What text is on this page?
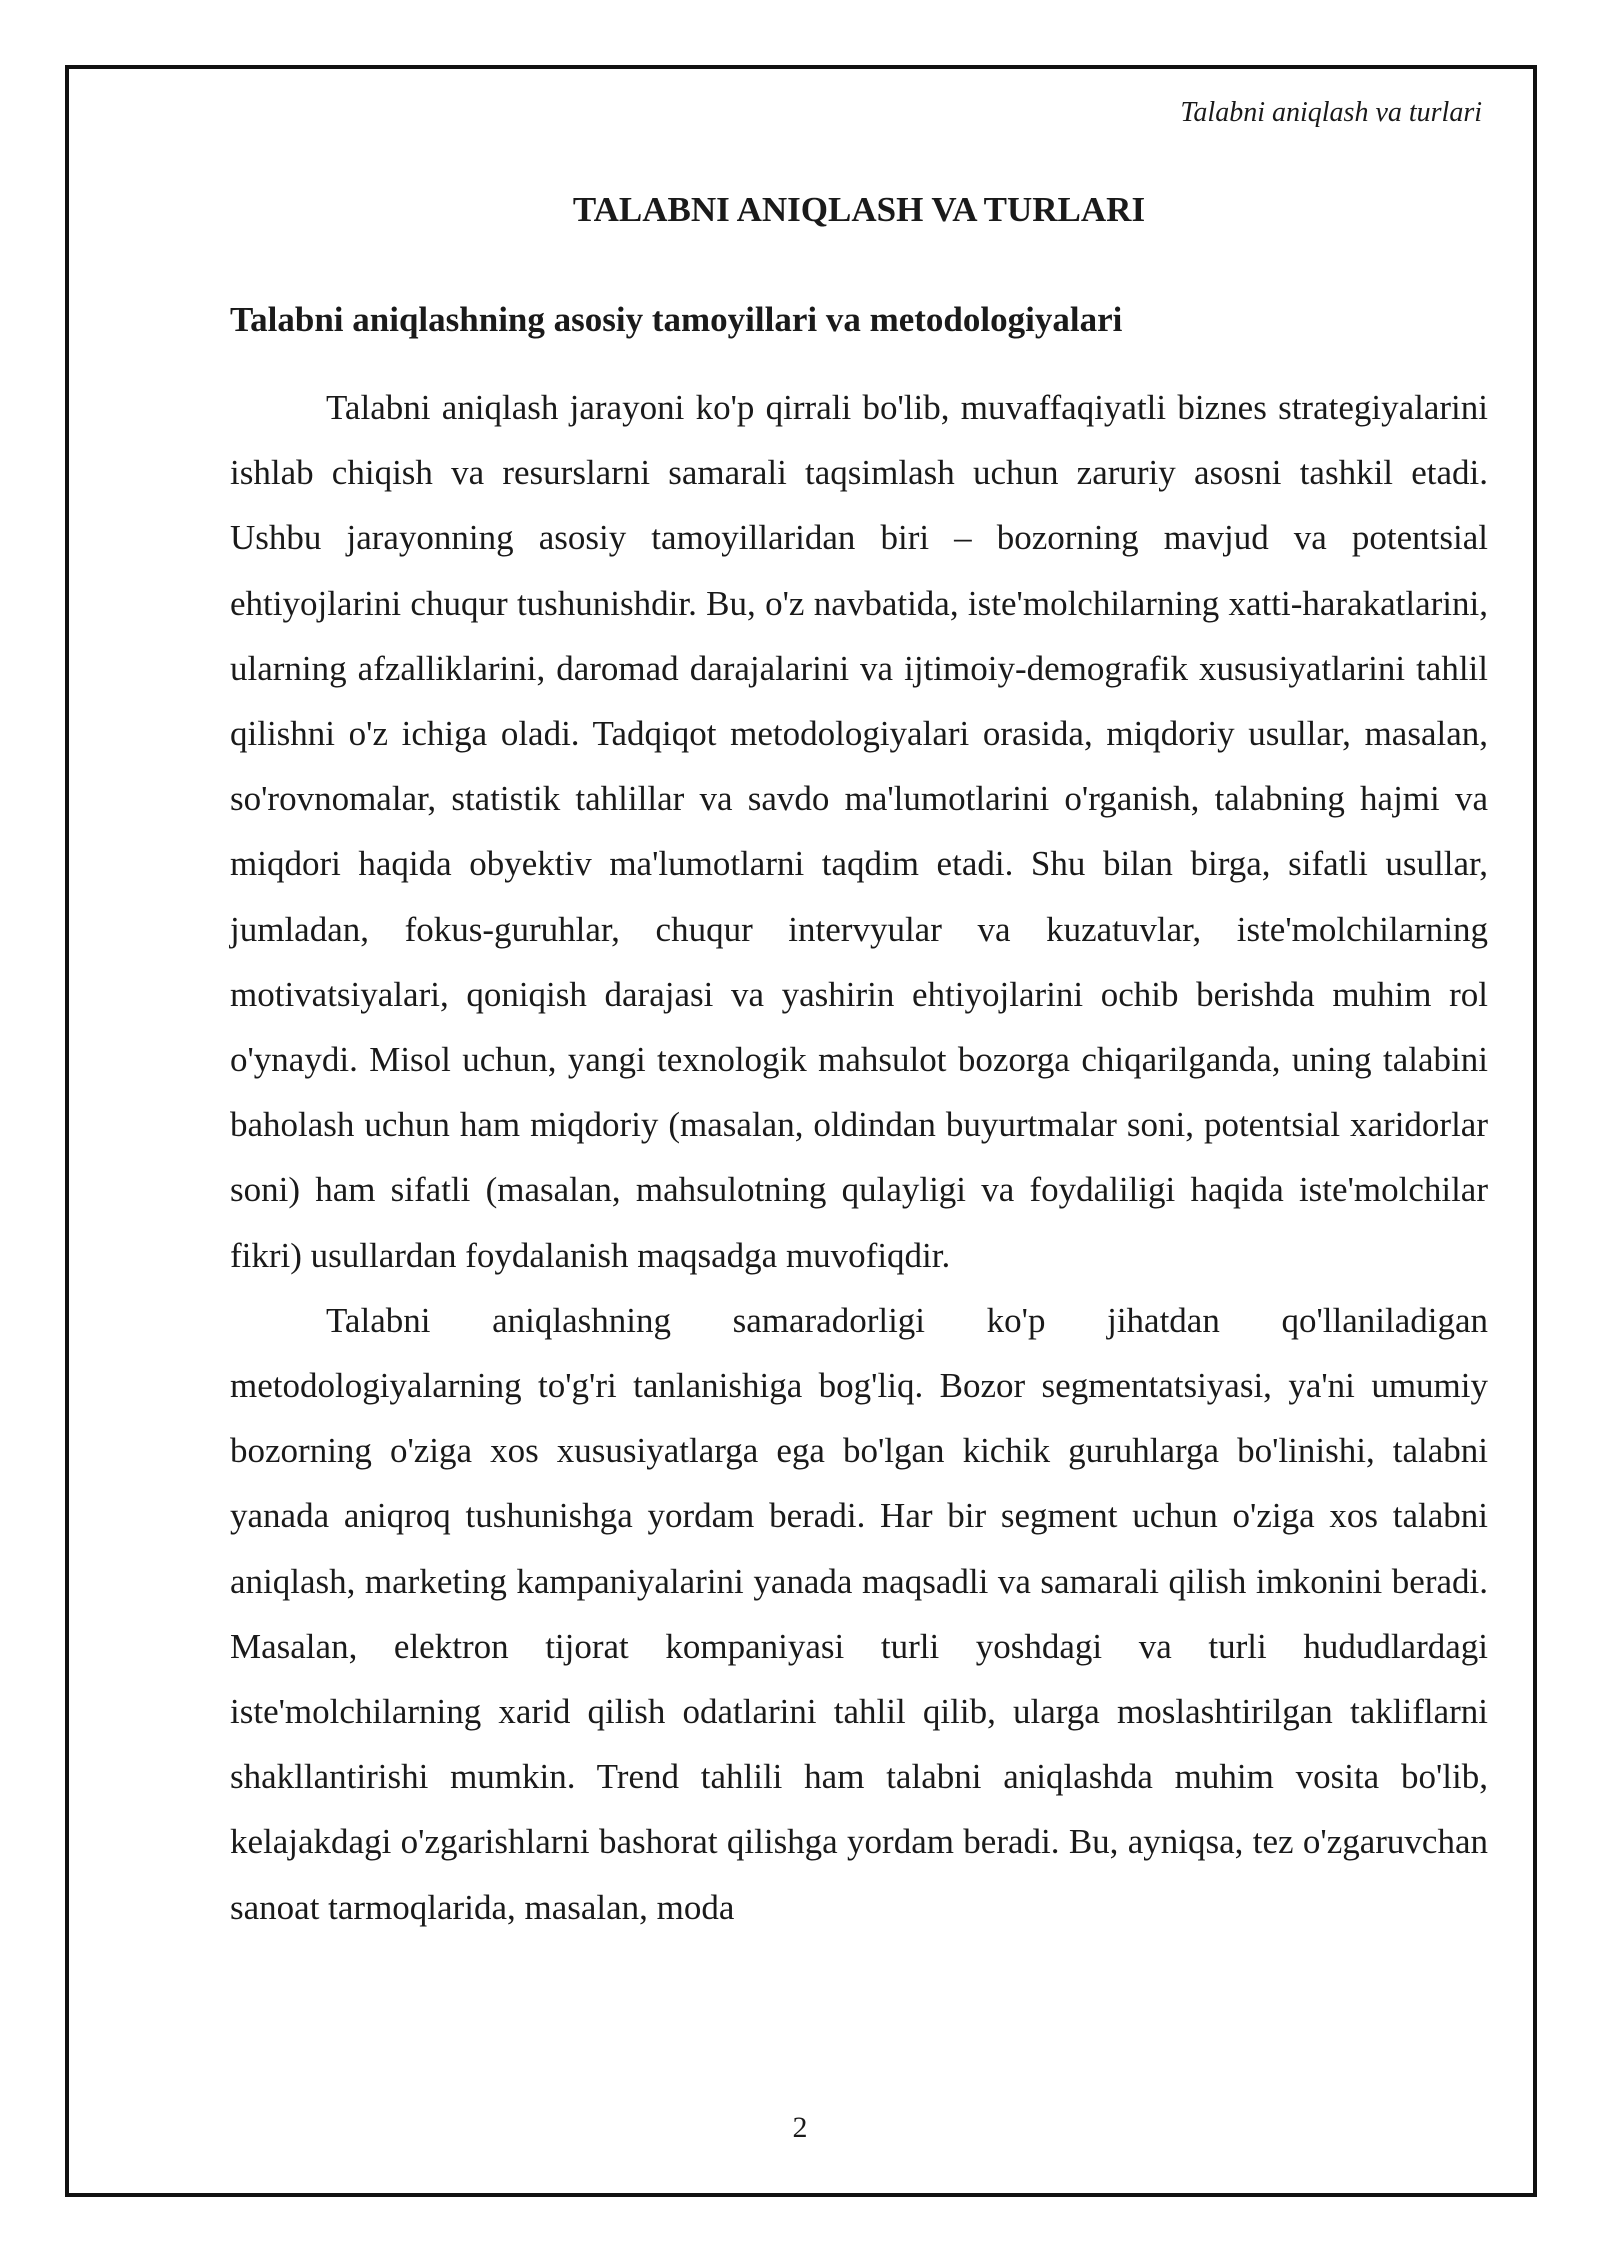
Talabni aniqlash va turlari
TALABNI ANIQLASH VA TURLARI
Talabni aniqlashning asosiy tamoyillari va metodologiyalari

Talabni aniqlash jarayoni ko'p qirrali bo'lib, muvaffaqiyatli biznes strategiyalarini ishlab chiqish va resurslarni samarali taqsimlash uchun zaruriy asosni tashkil etadi. Ushbu jarayonning asosiy tamoyillaridan biri – bozorning mavjud va potentsial ehtiyojlarini chuqur tushunishdir. Bu, o'z navbatida, iste'molchilarning xatti-harakatlarini, ularning afzalliklarini, daromad darajalarini va ijtimoiy-demografik xususiyatlarini tahlil qilishni o'z ichiga oladi. Tadqiqot metodologiyalari orasida, miqdoriy usullar, masalan, so'rovnomalar, statistik tahlillar va savdo ma'lumotlarini o'rganish, talabning hajmi va miqdori haqida obyektiv ma'lumotlarni taqdim etadi. Shu bilan birga, sifatli usullar, jumladan, fokus-guruhlar, chuqur intervyular va kuzatuvlar, iste'molchilarning motivatsiyalari, qoniqish darajasi va yashirin ehtiyojlarini ochib berishda muhim rol o'ynaydi. Misol uchun, yangi texnologik mahsulot bozorga chiqarilganda, uning talabini baholash uchun ham miqdoriy (masalan, oldindan buyurtmalar soni, potentsial xaridorlar soni) ham sifatli (masalan, mahsulotning qulayligi va foydaliligi haqida iste'molchilar fikri) usullardan foydalanish maqsadga muvofiqdir.

Talabni aniqlashning samaradorligi ko'p jihatdan qo'llaniladigan metodologiyalarning to'g'ri tanlanishiga bog'liq. Bozor segmentatsiyasi, ya'ni umumiy bozorning o'ziga xos xususiyatlarga ega bo'lgan kichik guruhlarga bo'linishi, talabni yanada aniqroq tushunishga yordam beradi. Har bir segment uchun o'ziga xos talabni aniqlash, marketing kampaniyalarini yanada maqsadli va samarali qilish imkonini beradi. Masalan, elektron tijorat kompaniyasi turli yoshdagi va turli hududlardagi iste'molchilarning xarid qilish odatlarini tahlil qilib, ularga moslashtirilgan takliflarni shakllantirishi mumkin. Trend tahlili ham talabni aniqlashda muhim vosita bo'lib, kelajakdagi o'zgarishlarni bashorat qilishga yordam beradi. Bu, ayniqsa, tez o'zgaruvchan sanoat tarmoqlarida, masalan, moda

2
